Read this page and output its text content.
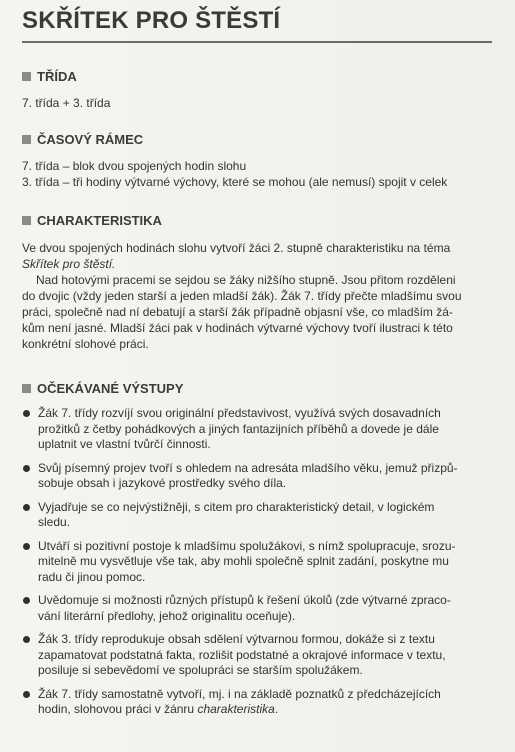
SKŘÍTEK PRO ŠTĚSTÍ
TŘÍDA
7. třída + 3. třída
ČASOVÝ RÁMEC
7. třída – blok dvou spojených hodin slohu
3. třída – tři hodiny výtvarné výchovy, které se mohou (ale nemusí) spojit v celek
CHARAKTERISTIKA
Ve dvou spojených hodinách slohu vytvoří žáci 2. stupně charakteristiku na téma
Skřítek pro štěstí.
Nad hotovými pracemi se sejdou se žáky nižšího stupně. Jsou přitom rozděleni
do dvojic (vždy jeden starší a jeden mladší žák). Žák 7. třídy přečte mladšímu svou
práci, společně nad ní debatují a starší žák případně objasní vše, co mladším žá-
kům není jasné. Mladší žáci pak v hodinách výtvarné výchovy tvoří ilustraci k této
konkrétní slohové práci.
OČEKÁVANÉ VÝSTUPY
Žák 7. třídy rozvíjí svou originální představivost, využívá svých dosavadních
prožitků z četby pohádkových a jiných fantazijních příběhů a dovede je dále
uplatnit ve vlastní tvůrčí činnosti.
Svůj písemný projev tvoří s ohledem na adresáta mladšího věku, jemuž přizpů-
sobuje obsah i jazykové prostředky svého díla.
Vyjadřuje se co nejvýstižněji, s citem pro charakteristický detail, v logickém
sledu.
Utváří si pozitivní postoje k mladšímu spolužákovi, s nímž spolupracuje, srozu-
mitelně mu vysvětluje vše tak, aby mohli společně splnit zadání, poskytne mu
radu či jinou pomoc.
Uvědomuje si možnosti různých přístupů k řešení úkolů (zde výtvarné zpraco-
vání literární předlohy, jehož originalitu oceňuje).
Žák 3. třídy reprodukuje obsah sdělení výtvarnou formou, dokáže si z textu
zapamatovat podstatná fakta, rozlišit podstatné a okrajové informace v textu,
posiluje si sebevědomí ve spolupráci se starším spolužákem.
Žák 7. třídy samostatně vytvoří, mj. i na základě poznatků z předcházejících
hodin, slohovou práci v žánru charakteristika.
